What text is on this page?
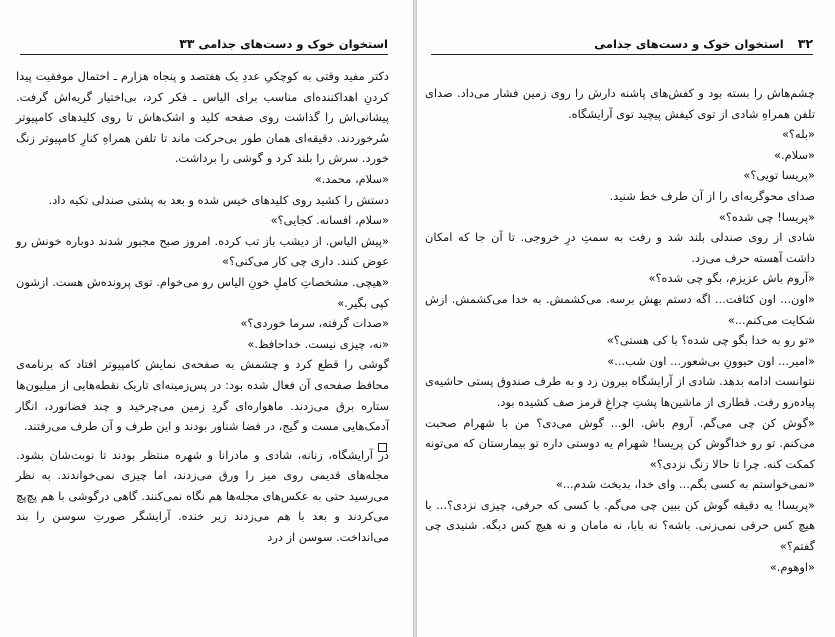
استخوان خوک و دست‌های جذامی ۳۳

دکتر مفید وقتی به کوچکیِ عددِ یک هفتصد و پنجاه هزارم ـ احتمال موفقیت پیدا کردنِ اهداکننده‌ای مناسب برای الیاس ـ فکر کرد، بی‌اختیار گریه‌اش گرفت. پیشانی‌اش را گذاشت روی صفحه کلید و اشک‌هاش تا روی کلیدهای کامپیوتر سُرخوردند. دقیقه‌ای همان طور بی‌حرکت ماند تا تلفن همراهِ کنارِ کامپیوتر زنگ خورد. سرش را بلند کرد و گوشی را برداشت.

«سلام، محمد.»

دستش را کشید روی کلیدهای خیس شده و بعد به پشتی صندلی تکیه داد.

«سلام، افسانه. کجایی؟»

«پیش الیاس. از دیشب باز تب کرده. امروز صبح مجبور شدند دوباره خونش رو عوض کنند. داری چی کار می‌کنی؟»

«هیچی. مشخصاتِ کاملِ خونِ الیاس رو می‌خوام. توی پرونده‌ش هست. ازشون کپی بگیر.»

«صدات گرفته، سرما خوردی؟»

«نه، چیزی نیست. خداحافظ.»

گوشی را قطع کرد و چشمش به صفحه‌ی نمایش کامپیوتر افتاد که برنامه‌ی محافظ صفحه‌ی آن فعال شده بود: در پس‌زمینه‌ای تاریک نقطه‌هایی از میلیون‌ها ستاره برق می‌زدند. ماهواره‌ای گردِ زمین می‌چرخید و چند فضانورد، انگار آدمک‌هایی مست و گیج، در فضا شناور بودند و این طرف و آن طرف می‌رفتند.

در آرایشگاه، زنانه، شادی و مادرانا و شهره منتظر بودند تا نوبت‌شان بشود. مجله‌های قدیمی روی میز را ورق می‌زدند، اما چیزی نمی‌خواندند. به نظر می‌رسید حتی به عکس‌های مجله‌ها هم نگاه نمی‌کنند. گاهی درگوشی با هم پچ‌پچ می‌کردند و بعد با هم می‌زدند زیر خنده. آرایشگر صورتِ سوسن را بند می‌انداخت. سوسن از درد

۳۲ استخوان خوک و دست‌های جذامی

چشم‌هاش را بسته بود و کفش‌های پاشنه دارش را روی زمین فشار می‌داد. صدای تلفن همراهِ شادی از توی کیفش پیچید توی آرایشگاه.

«بله؟»

«سلام.»

«پریسا تویی؟»

صدای محوگریه‌ای را از آن طرف خط شنید.

«پریسا! چی شده؟»

شادی از روی صندلی بلند شد و رفت به سمتِ درِ خروجی. تا آن جا که امکان داشت آهسته حرف می‌زد.

«آروم باش عزیزم، بگو چی شده؟»

«اون... اون کثافت... اگه دستم بهش برسه. می‌کشمش. به خدا می‌کشمش. ازش شکایت می‌کنم...»

«تو رو به خدا بگو چی شده؟ با کی هستی؟»

«امیر... اون حیوونِ بی‌شعور... اون شب...»

نتوانست ادامه بدهد. شادی از آرایشگاه بیرون زد و به طرف صندوق پستی حاشیه‌ی پیاده‌رو رفت. قطاری از ماشین‌ها پشتِ چراغِ قرمز صف کشیده بود.

«گوش کن چی می‌گم. آروم باش. الو... گوش می‌دی؟ من با شهرام صحبت می‌کنم. تو رو خداگوش کن پریسا! شهرام یه دوستی داره تو بیمارستان که می‌تونه کمکت کنه. چرا تا حالا زنگ نزدی؟»

«نمی‌خواستم به کسی بگم... وای خدا، بدبخت شدم...»

«پریسا! یه دقیقه گوش کن ببین چی می‌گم. با کسی که حرفی، چیزی نزدی؟... با هیچ کس حرفی نمی‌زنی. باشه؟ نه بابا، نه مامان و نه هیچ کس دیگه. شنیدی چی گفتم؟»

«اوهوم.»
